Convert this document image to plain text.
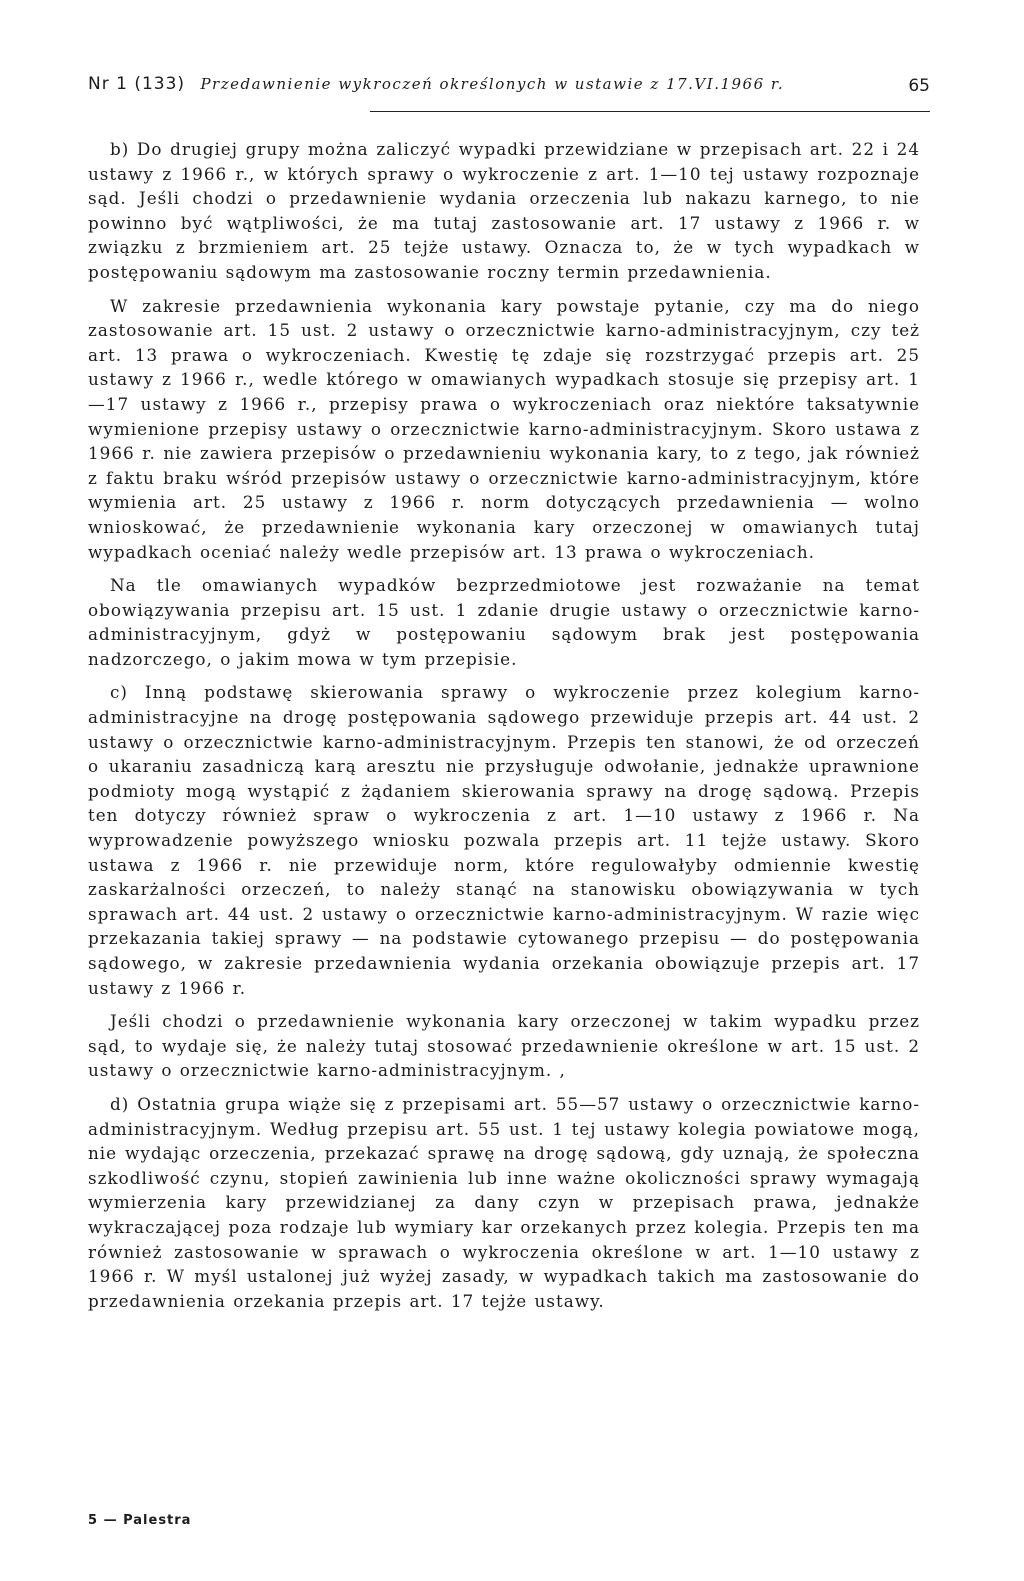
Nr 1 (133) Przedawnienie wykroczeń określonych w ustawie z 17.VI.1966 r.	65

b) Do drugiej grupy można zaliczyć wypadki przewidziane w przepisach art. 22 i 24 ustawy z 1966 r., w których sprawy o wykroczenie z art. 1—10 tej ustawy rozpoznaje sąd. Jeśli chodzi o przedawnienie wydania orzeczenia lub nakazu karnego, to nie powinno być wątpliwości, że ma tutaj zastosowanie art. 17 ustawy z 1966 r. w związku z brzmieniem art. 25 tejże ustawy. Oznacza to, że w tych wypadkach w postępowaniu sądowym ma zastosowanie roczny termin przedawnienia.

W zakresie przedawnienia wykonania kary powstaje pytanie, czy ma do niego zastosowanie art. 15 ust. 2 ustawy o orzecznictwie karno-administracyjnym, czy też art. 13 prawa o wykroczeniach. Kwestię tę zdaje się rozstrzygać przepis art. 25 ustawy z 1966 r., wedle którego w omawianych wypadkach stosuje się przepisy art. 1—17 ustawy z 1966 r., przepisy prawa o wykroczeniach oraz niektóre taksatywnie wymienione przepisy ustawy o orzecznictwie karno-administracyjnym. Skoro ustawa z 1966 r. nie zawiera przepisów o przedawnieniu wykonania kary, to z tego, jak również z faktu braku wśród przepisów ustawy o orzecznictwie karno-administracyjnym, które wymienia art. 25 ustawy z 1966 r. norm dotyczących przedawnienia — wolno wnioskować, że przedawnienie wykonania kary orzeczonej w omawianych tutaj wypadkach oceniać należy wedle przepisów art. 13 prawa o wykroczeniach.

Na tle omawianych wypadków bezprzedmiotowe jest rozważanie na temat obowiązywania przepisu art. 15 ust. 1 zdanie drugie ustawy o orzecznictwie karno-administracyjnym, gdyż w postępowaniu sądowym brak jest postępowania nadzorczego, o jakim mowa w tym przepisie.

c) Inną podstawę skierowania sprawy o wykroczenie przez kolegium karno-administracyjne na drogę postępowania sądowego przewiduje przepis art. 44 ust. 2 ustawy o orzecznictwie karno-administracyjnym. Przepis ten stanowi, że od orzeczeń o ukaraniu zasadniczą karą aresztu nie przysługuje odwołanie, jednakże uprawnione podmioty mogą wystąpić z żądaniem skierowania sprawy na drogę sądową. Przepis ten dotyczy również spraw o wykroczenia z art. 1—10 ustawy z 1966 r. Na wyprowadzenie powyższego wniosku pozwala przepis art. 11 tejże ustawy. Skoro ustawa z 1966 r. nie przewiduje norm, które regulowałyby odmiennie kwestię zaskarżalności orzeczeń, to należy stanąć na stanowisku obowiązywania w tych sprawach art. 44 ust. 2 ustawy o orzecznictwie karno-administracyjnym. W razie więc przekazania takiej sprawy — na podstawie cytowanego przepisu — do postępowania sądowego, w zakresie przedawnienia wydania orzekania obowiązuje przepis art. 17 ustawy z 1966 r.

Jeśli chodzi o przedawnienie wykonania kary orzeczonej w takim wypadku przez sąd, to wydaje się, że należy tutaj stosować przedawnienie określone w art. 15 ust. 2 ustawy o orzecznictwie karno-administracyjnym. ,

d) Ostatnia grupa wiąże się z przepisami art. 55—57 ustawy o orzecznictwie karno-administracyjnym. Według przepisu art. 55 ust. 1 tej ustawy kolegia powiatowe mogą, nie wydając orzeczenia, przekazać sprawę na drogę sądową, gdy uznają, że społeczna szkodliwość czynu, stopień zawinienia lub inne ważne okoliczności sprawy wymagają wymierzenia kary przewidzianej za dany czyn w przepisach prawa, jednakże wykraczającej poza rodzaje lub wymiary kar orzekanych przez kolegia. Przepis ten ma również zastosowanie w sprawach o wykroczenia określone w art. 1—10 ustawy z 1966 r. W myśl ustalonej już wyżej zasady, w wypadkach takich ma zastosowanie do przedawnienia orzekania przepis art. 17 tejże ustawy.

5 — Palestra
